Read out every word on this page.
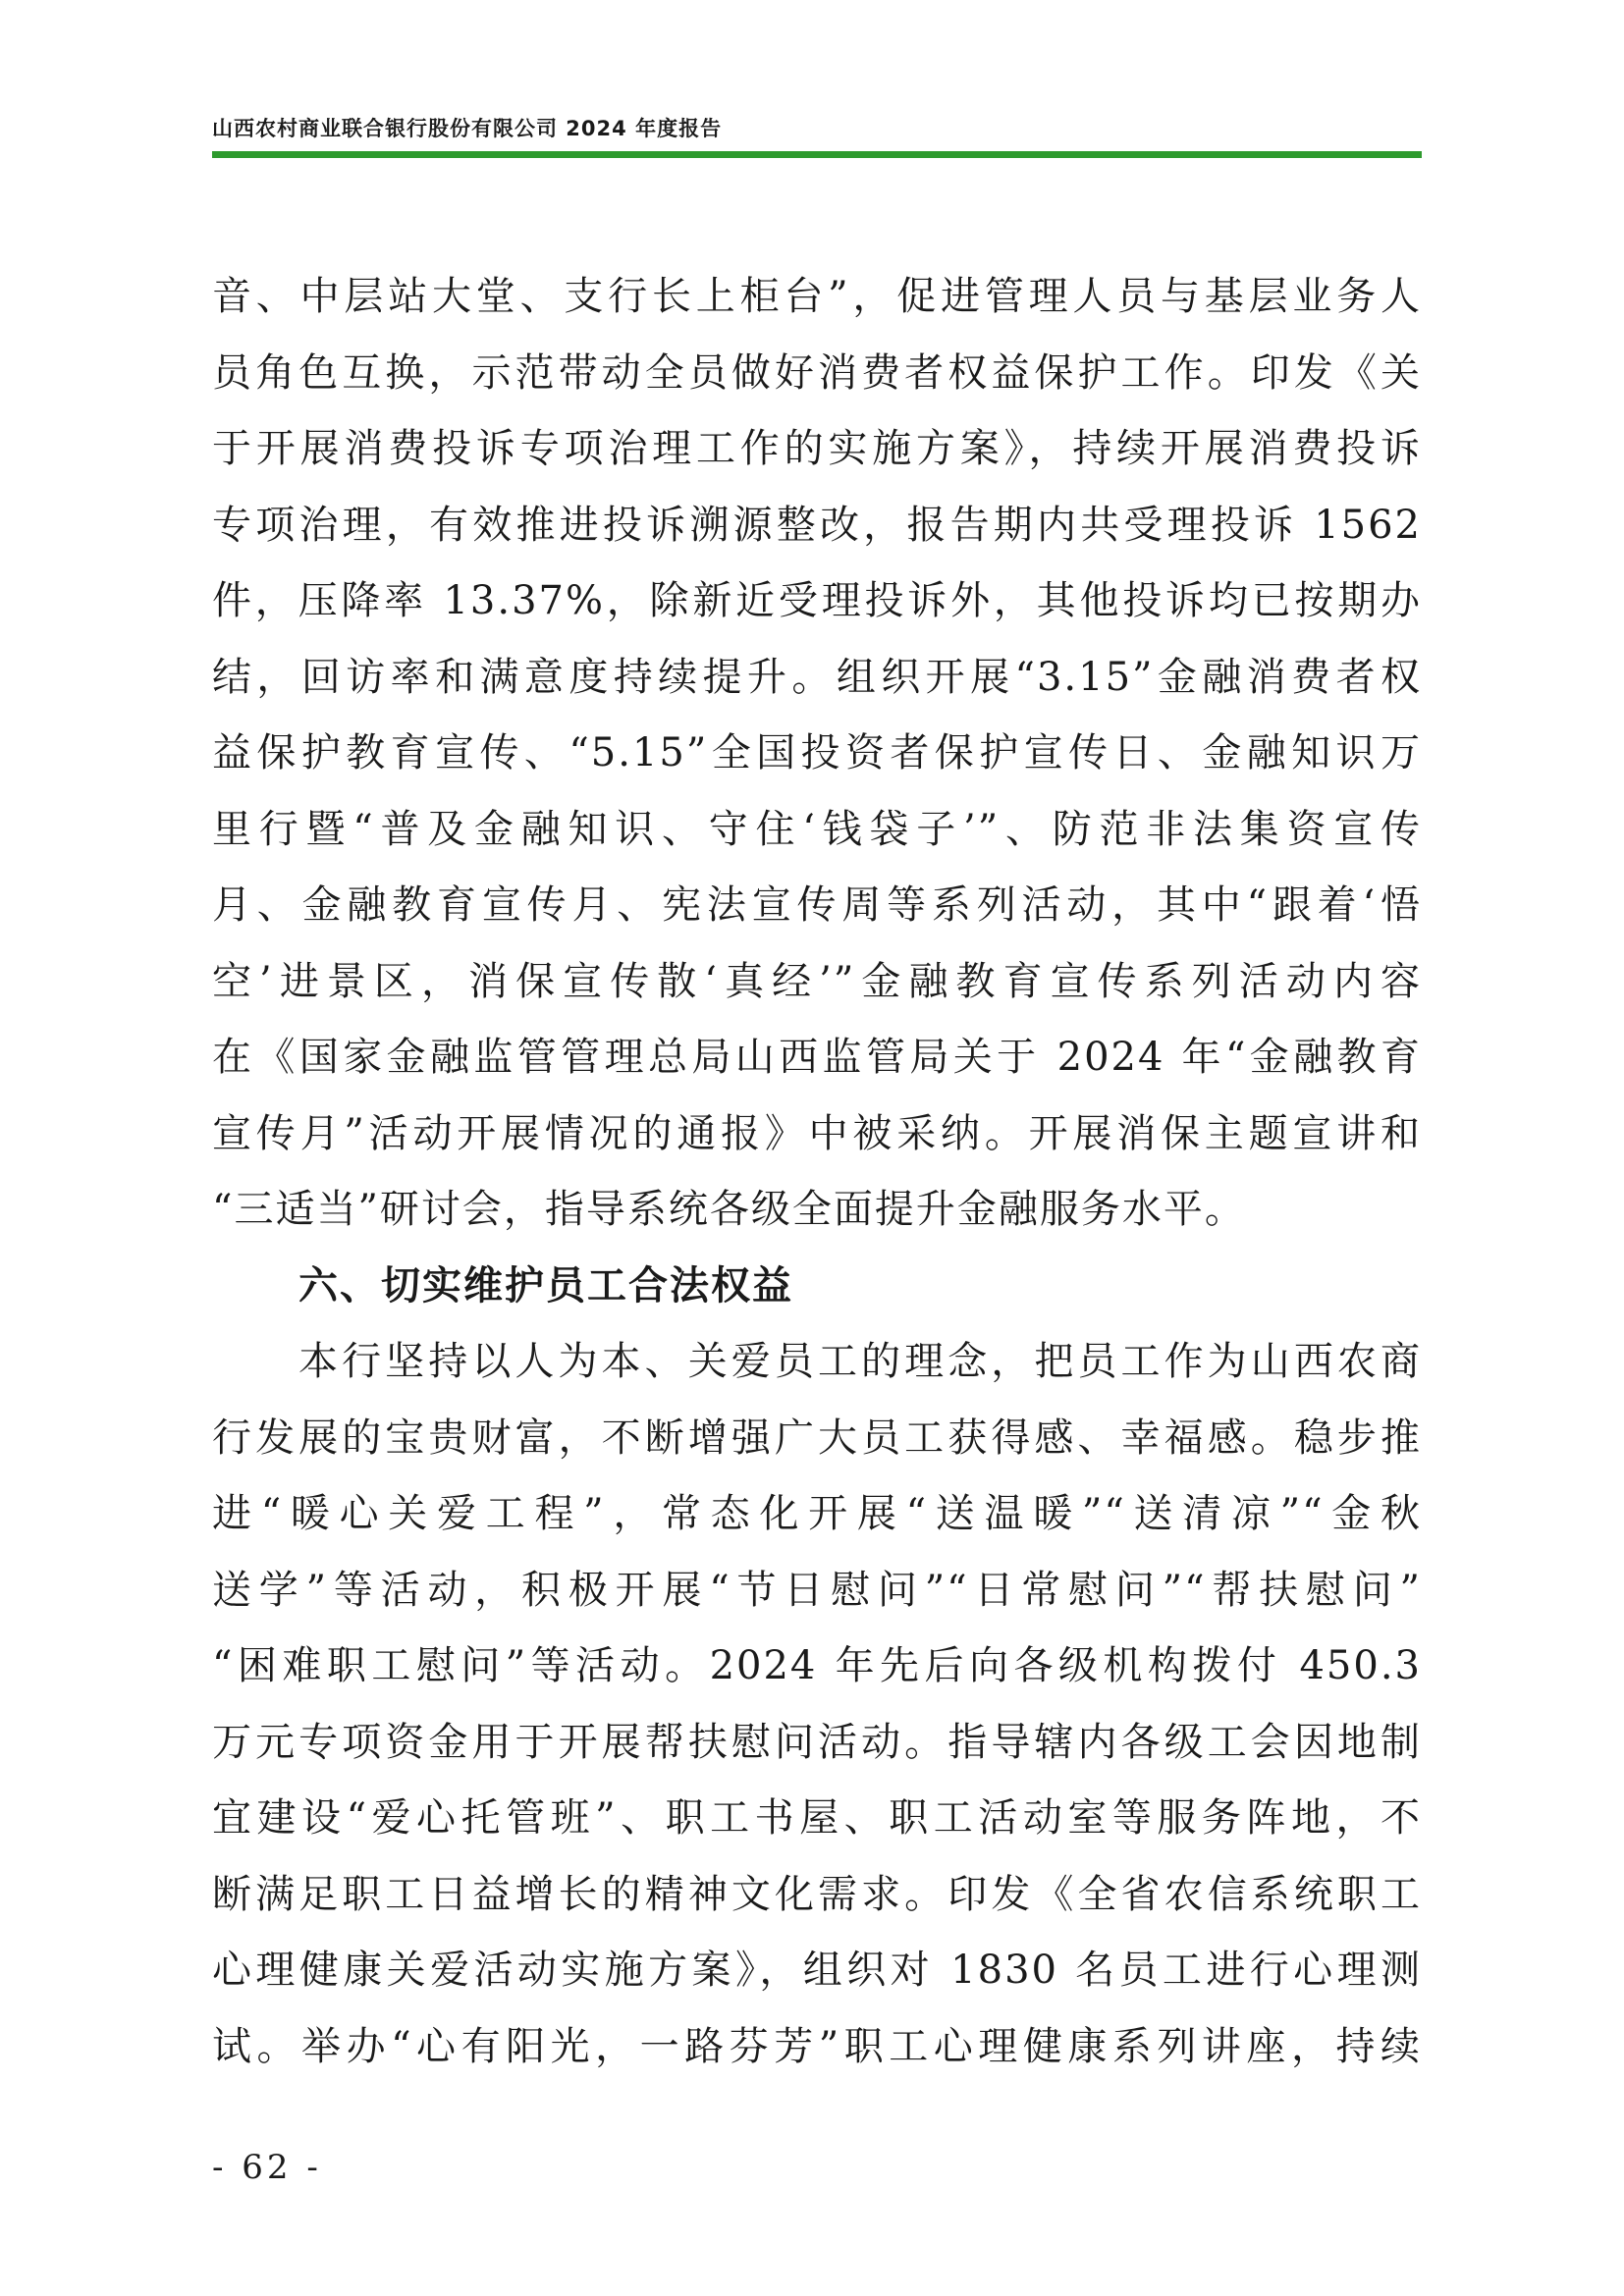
山西农村商业联合银行股份有限公司 2024 年度报告
音、中层站大堂、支行长上柜台”，促进管理人员与基层业务人
员角色互换，示范带动全员做好消费者权益保护工作。印发《关
于开展消费投诉专项治理工作的实施方案》，持续开展消费投诉
专项治理，有效推进投诉溯源整改，报告期内共受理投诉 1562
件，压降率 13.37%，除新近受理投诉外，其他投诉均已按期办
结，回访率和满意度持续提升。组织开展“3.15”金融消费者权
益保护教育宣传、“5.15”全国投资者保护宣传日、金融知识万
里行暨“普及金融知识、守住‘钱袋子’”、防范非法集资宣传
月、金融教育宣传月、宪法宣传周等系列活动，其中“跟着‘悟
空’进景区，消保宣传散‘真经’”金融教育宣传系列活动内容
在《国家金融监管管理总局山西监管局关于 2024 年“金融教育
宣传月”活动开展情况的通报》中被采纳。开展消保主题宣讲和
“三适当”研讨会，指导系统各级全面提升金融服务水平。
六、切实维护员工合法权益
本行坚持以人为本、关爱员工的理念，把员工作为山西农商
行发展的宝贵财富，不断增强广大员工获得感、幸福感。稳步推
进“暖心关爱工程”，常态化开展“送温暖”“送清凉”“金秋
送学”等活动，积极开展“节日慰问”“日常慰问”“帮扶慰问”
“困难职工慰问”等活动。2024 年先后向各级机构拨付 450.3
万元专项资金用于开展帮扶慰问活动。指导辖内各级工会因地制
宜建设“爱心托管班”、职工书屋、职工活动室等服务阵地，不
断满足职工日益增长的精神文化需求。印发《全省农信系统职工
心理健康关爱活动实施方案》，组织对 1830 名员工进行心理测
试。举办“心有阳光，一路芬芳”职工心理健康系列讲座，持续
- 62 -
